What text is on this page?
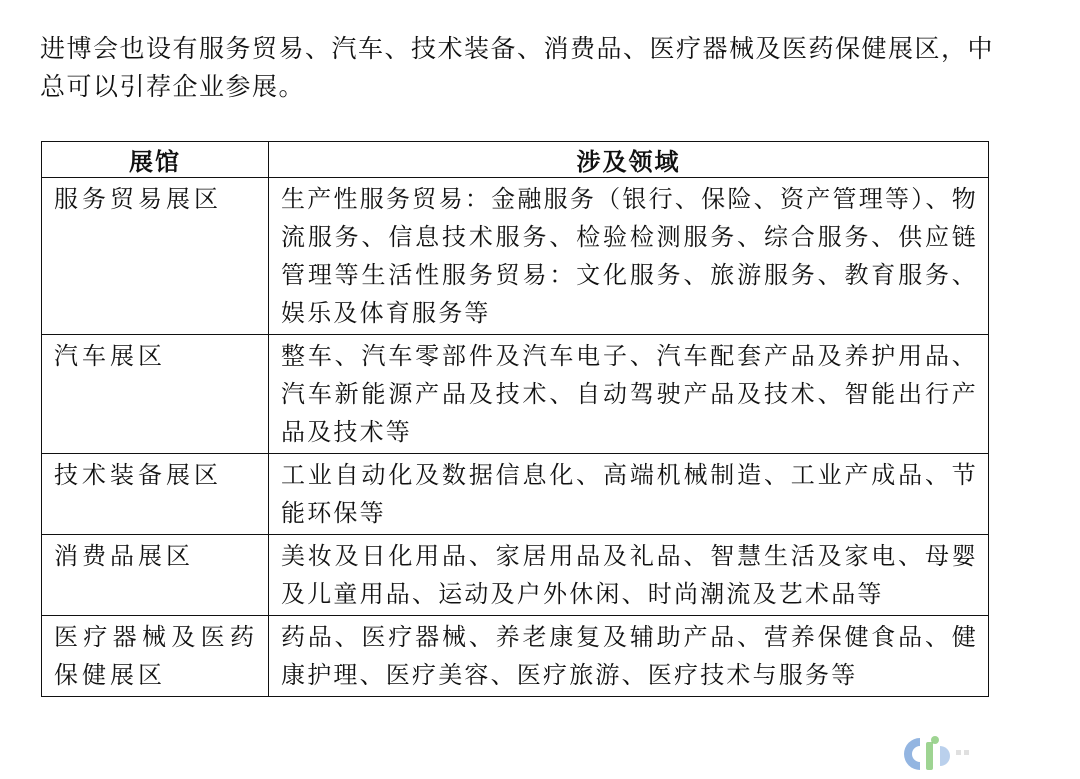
进博会也设有服务贸易、汽车、技术装备、消费品、医疗器械及医药保健展区，中总可以引荐企业参展。

展馆	涉及领域
服务贸易展区	生产性服务贸易：金融服务（银行、保险、资产管理等）、物流服务、信息技术服务、检验检测服务、综合服务、供应链管理等生活性服务贸易：文化服务、旅游服务、教育服务、娱乐及体育服务等
汽车展区	整车、汽车零部件及汽车电子、汽车配套产品及养护用品、汽车新能源产品及技术、自动驾驶产品及技术、智能出行产品及技术等
技术装备展区	工业自动化及数据信息化、高端机械制造、工业产成品、节能环保等
消费品展区	美妆及日化用品、家居用品及礼品、智慧生活及家电、母婴及儿童用品、运动及户外休闲、时尚潮流及艺术品等
医疗器械及医药保健展区	药品、医疗器械、养老康复及辅助产品、营养保健食品、健康护理、医疗美容、医疗旅游、医疗技术与服务等
